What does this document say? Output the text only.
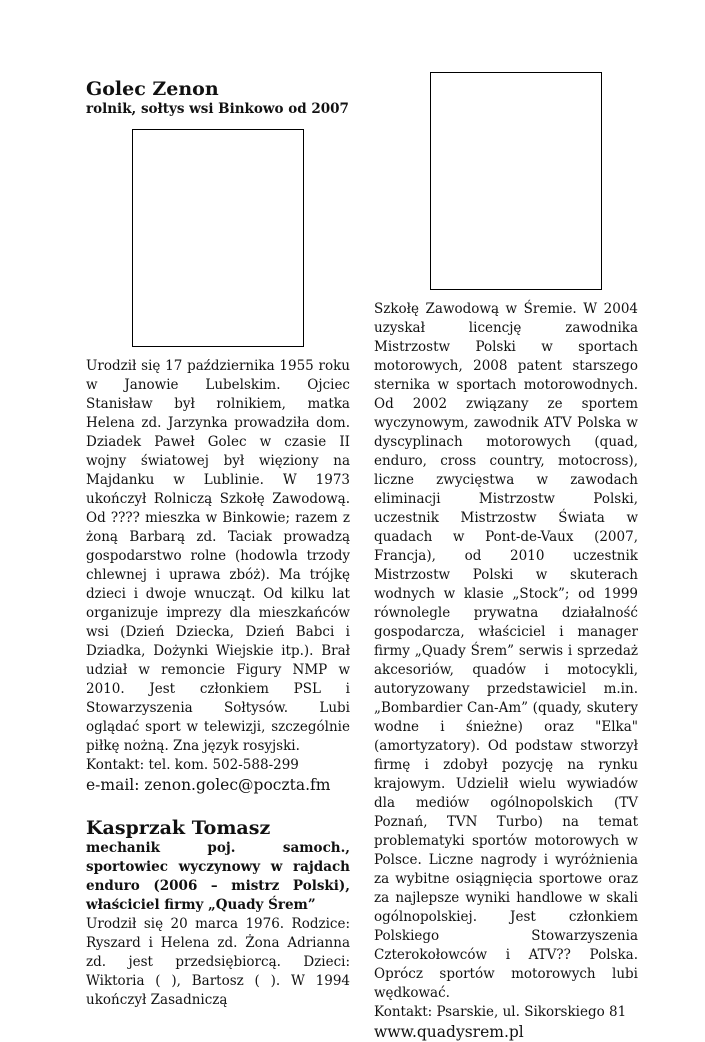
Golec Zenon

rolnik, sołtys wsi Binkowo od 2007

Urodził się 17 października 1955 roku w Janowie Lubelskim. Ojciec Stanisław był rolnikiem, matka Helena zd. Jarzynka prowadziła dom. Dziadek Paweł Golec w czasie II wojny światowej był więziony na Majdanku w Lublinie. W 1973 ukończył Rolniczą Szkołę Zawodową. Od ???? mieszka w Binkowie; razem z żoną Barbarą zd. Taciak prowadzą gospodarstwo rolne (hodowla trzody chlewnej i uprawa zbóż). Ma trójkę dzieci i dwoje wnucząt. Od kilku lat organizuje imprezy dla mieszkańców wsi (Dzień Dziecka, Dzień Babci i Dziadka, Dożynki Wiejskie itp.). Brał udział w remoncie Figury NMP w 2010. Jest członkiem PSL i Stowarzyszenia Sołtysów. Lubi oglądać sport w telewizji, szczególnie piłkę nożną. Zna język rosyjski.

Kontakt: tel. kom. 502-588-299

e-mail: zenon.golec@poczta.fm

Kasprzak Tomasz

mechanik poj. samoch., sportowiec wyczynowy w rajdach enduro (2006 – mistrz Polski), właściciel firmy „Quady Śrem”

Urodził się 20 marca 1976. Rodzice: Ryszard i Helena zd. Żona Adrianna zd. jest przedsiębiorcą. Dzieci: Wiktoria ( ), Bartosz ( ). W 1994 ukończył Zasadniczą

Szkołę Zawodową w Śremie. W 2004 uzyskał licencję zawodnika Mistrzostw Polski w sportach motorowych, 2008 patent starszego sternika w sportach motorowodnych. Od 2002 związany ze sportem wyczynowym, zawodnik ATV Polska w dyscyplinach motorowych (quad, enduro, cross country, motocross), liczne zwycięstwa w zawodach eliminacji Mistrzostw Polski, uczestnik Mistrzostw Świata w quadach w Pont-de-Vaux (2007, Francja), od 2010 uczestnik Mistrzostw Polski w skuterach wodnych w klasie „Stock”; od 1999 równolegle prywatna działalność gospodarcza, właściciel i manager firmy „Quady Śrem” serwis i sprzedaż akcesoriów, quadów i motocykli, autoryzowany przedstawiciel m.in. „Bombardier Can-Am” (quady, skutery wodne i śnieżne) oraz "Elka" (amortyzatory). Od podstaw stworzył firmę i zdobył pozycję na rynku krajowym. Udzielił wielu wywiadów dla mediów ogólnopolskich (TV Poznań, TVN Turbo) na temat problematyki sportów motorowych w Polsce. Liczne nagrody i wyróżnienia za wybitne osiągnięcia sportowe oraz za najlepsze wyniki handlowe w skali ogólnopolskiej. Jest członkiem Polskiego Stowarzyszenia Czterokołowców i ATV?? Polska. Oprócz sportów motorowych lubi wędkować.

Kontakt: Psarskie, ul. Sikorskiego 81

www.quadysrem.pl
